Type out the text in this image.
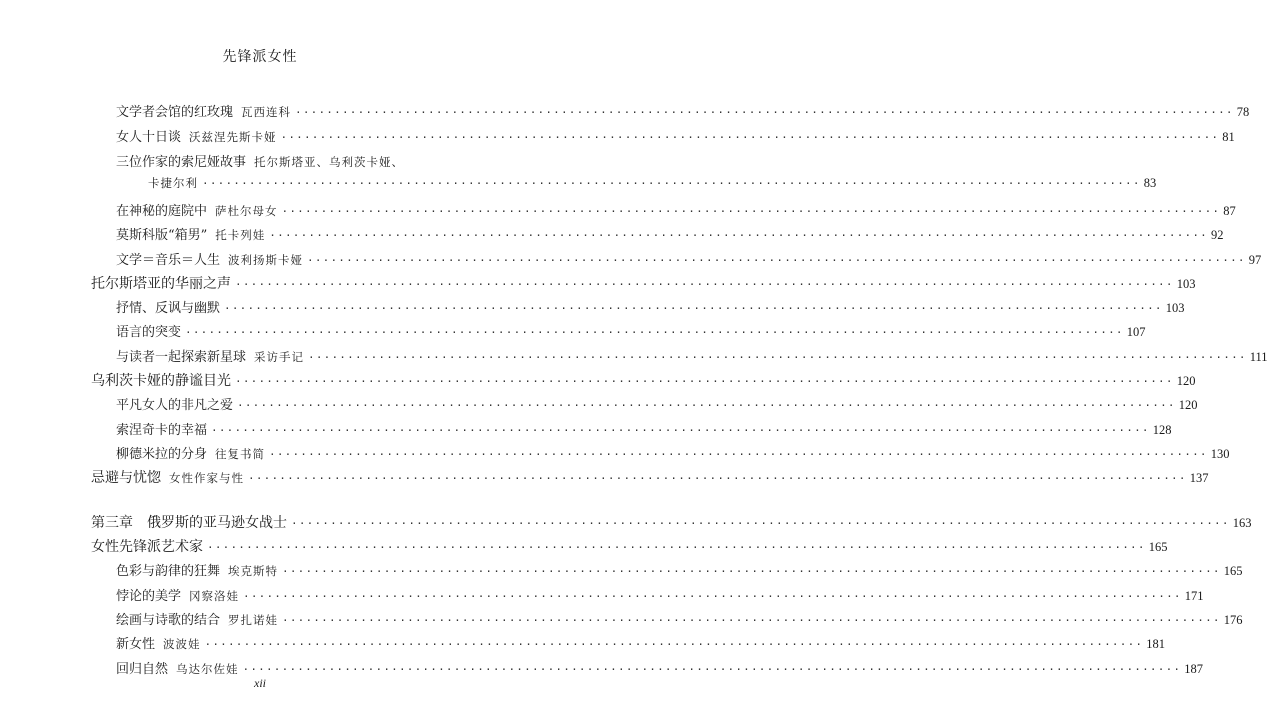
先锋派女性
文学者会馆的红玫瑰 瓦西连科 ························································································································ 78
女人十日谈 沃兹涅先斯卡娅 ························································································································ 81
三位作家的索尼娅故事 托尔斯塔亚、乌利茨卡娅、
卡捷尔利 ························································································································ 83
在神秘的庭院中 萨杜尔母女 ························································································································ 87
莫斯科版“箱男” 托卡列娃 ························································································································ 92
文学＝音乐＝人生 波利扬斯卡娅 ························································································································ 97
托尔斯塔亚的华丽之声 ························································································································ 103
抒情、反讽与幽默 ························································································································ 103
语言的突变 ························································································································ 107
与读者一起探索新星球 采访手记 ························································································································ 111
乌利茨卡娅的静谧目光 ························································································································ 120
平凡女人的非凡之爱 ························································································································ 120
索涅奇卡的幸福 ························································································································ 128
柳德米拉的分身 往复书简 ························································································································ 130
忌避与忧惚 女性作家与性 ························································································································ 137
第三章 俄罗斯的亚马逊女战士 ························································································································ 163
女性先锋派艺术家 ························································································································ 165
色彩与韵律的狂舞 埃克斯特 ························································································································ 165
悖论的美学 冈察洛娃 ························································································································ 171
绘画与诗歌的结合 罗扎诺娃 ························································································································ 176
新女性 波波娃 ························································································································ 181
回归自然 乌达尔佐娃 ························································································································ 187
xii
